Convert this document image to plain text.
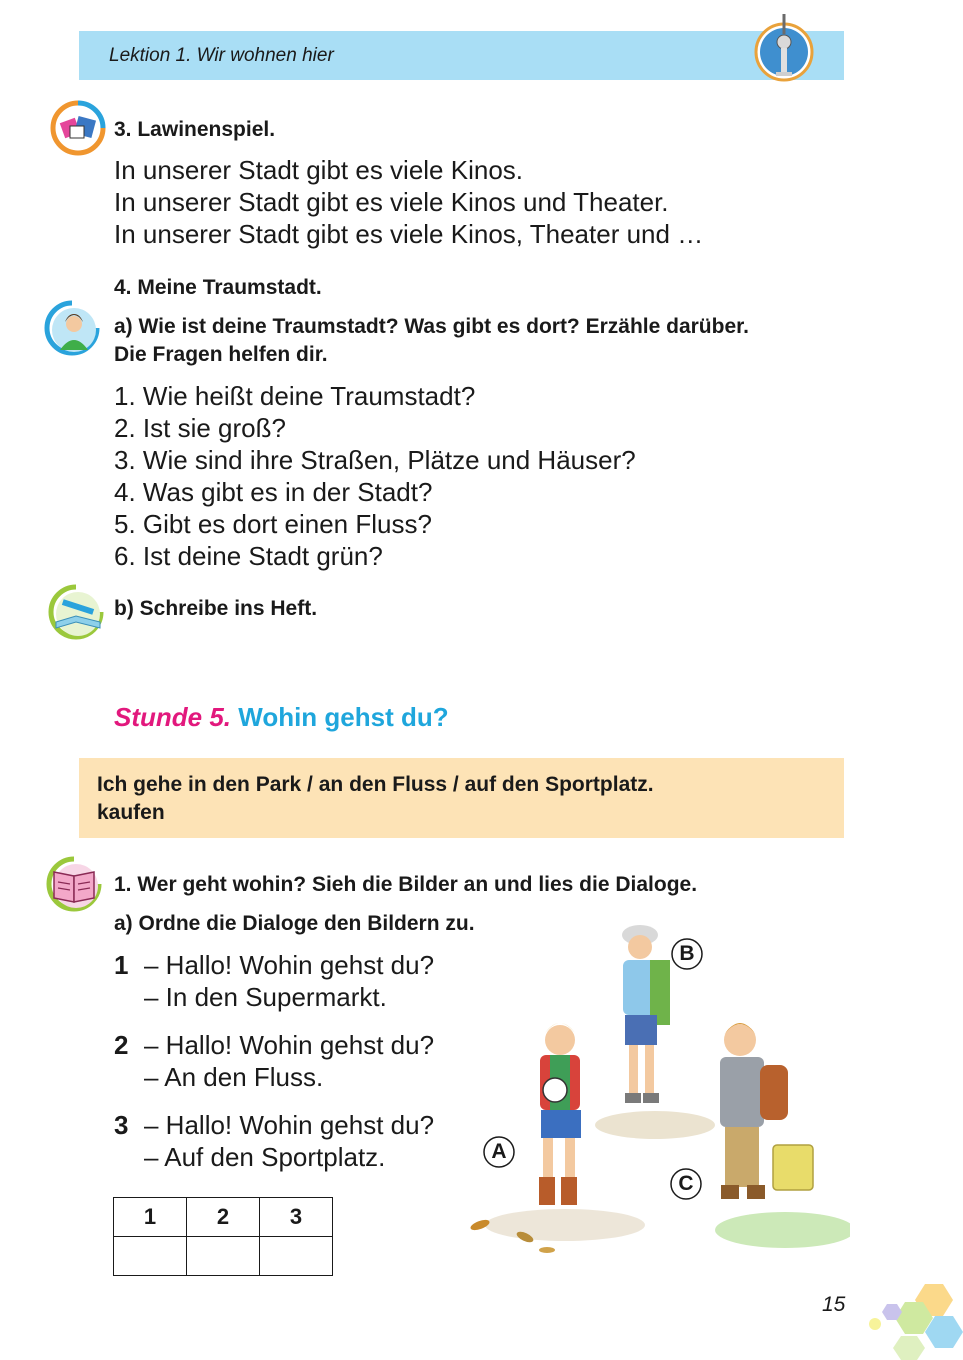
Lektion 1. Wir wohnen hier
3. Lawinenspiel.
In unserer Stadt gibt es viele Kinos.
In unserer Stadt gibt es viele Kinos und Theater.
In unserer Stadt gibt es viele Kinos, Theater und …
4. Meine Traumstadt.
a) Wie ist deine Traumstadt? Was gibt es dort? Erzähle darüber.
Die Fragen helfen dir.
1. Wie heißt deine Traumstadt?
2. Ist sie groß?
3. Wie sind ihre Straßen, Plätze und Häuser?
4. Was gibt es in der Stadt?
5. Gibt es dort einen Fluss?
6. Ist deine Stadt grün?
b) Schreibe ins Heft.
Stunde 5. Wohin gehst du?
Ich gehe in den Park / an den Fluss / auf den Sportplatz.
kaufen
1. Wer geht wohin? Sieh die Bilder an und lies die Dialoge.
a) Ordne die Dialoge den Bildern zu.
1 – Hallo! Wohin gehst du?
– In den Supermarkt.
2 – Hallo! Wohin gehst du?
– An den Fluss.
3 – Hallo! Wohin gehst du?
– Auf den Sportplatz.
1	2	3

B
A
C
15
